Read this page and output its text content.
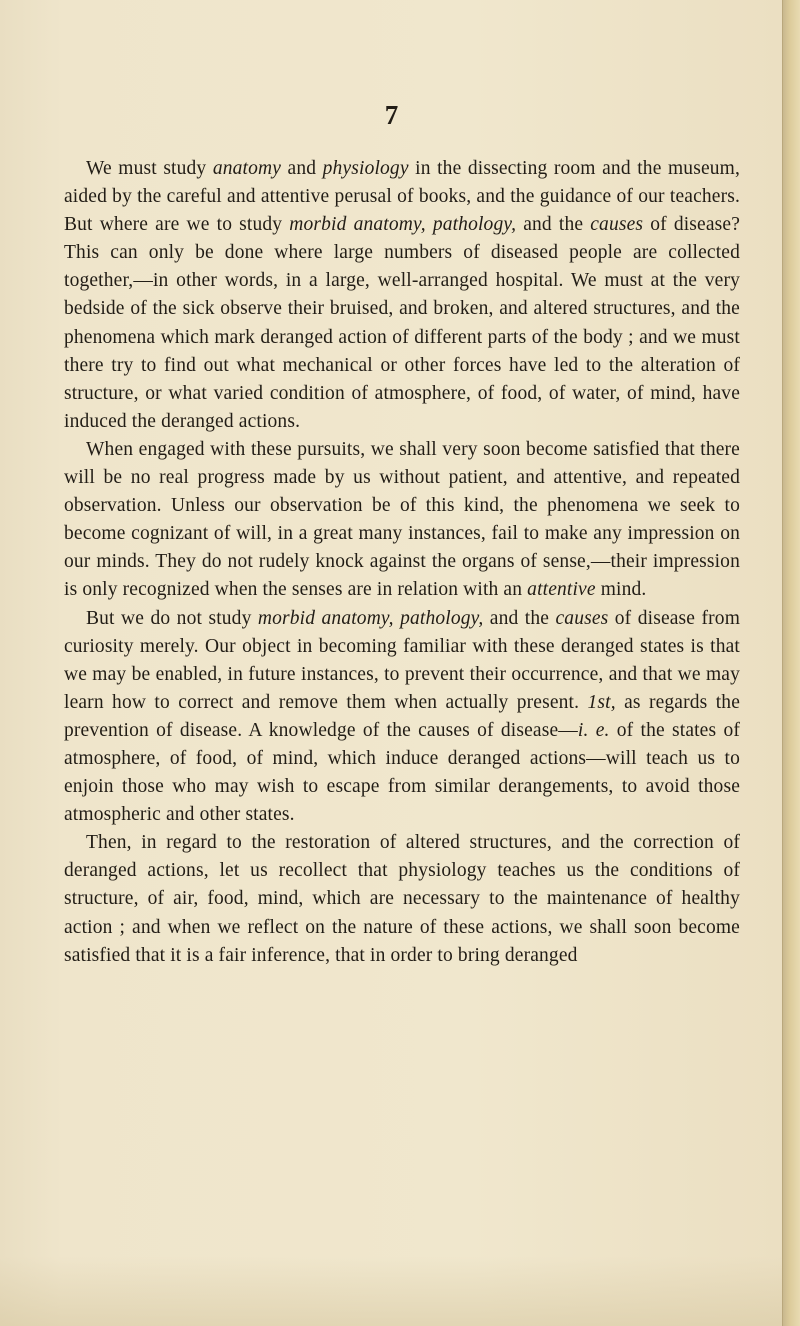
7

We must study anatomy and physiology in the dissecting room and the museum, aided by the careful and attentive perusal of books, and the guidance of our teachers. But where are we to study morbid anatomy, pathology, and the causes of disease? This can only be done where large numbers of diseased people are collected together,—in other words, in a large, well-arranged hospital. We must at the very bedside of the sick observe their bruised, and broken, and altered structures, and the phenomena which mark deranged action of different parts of the body ; and we must there try to find out what mechanical or other forces have led to the alteration of structure, or what varied condition of atmosphere, of food, of water, of mind, have induced the deranged actions.

When engaged with these pursuits, we shall very soon become satisfied that there will be no real progress made by us without patient, and attentive, and repeated observation. Unless our observation be of this kind, the phenomena we seek to become cognizant of will, in a great many instances, fail to make any impression on our minds. They do not rudely knock against the organs of sense,—their impression is only recognized when the senses are in relation with an attentive mind.

But we do not study morbid anatomy, pathology, and the causes of disease from curiosity merely. Our object in becoming familiar with these deranged states is that we may be enabled, in future instances, to prevent their occurrence, and that we may learn how to correct and remove them when actually present. 1st, as regards the prevention of disease. A knowledge of the causes of disease—i. e. of the states of atmosphere, of food, of mind, which induce deranged actions—will teach us to enjoin those who may wish to escape from similar derangements, to avoid those atmospheric and other states.

Then, in regard to the restoration of altered structures, and the correction of deranged actions, let us recollect that physiology teaches us the conditions of structure, of air, food, mind, which are necessary to the maintenance of healthy action ; and when we reflect on the nature of these actions, we shall soon become satisfied that it is a fair inference, that in order to bring deranged
